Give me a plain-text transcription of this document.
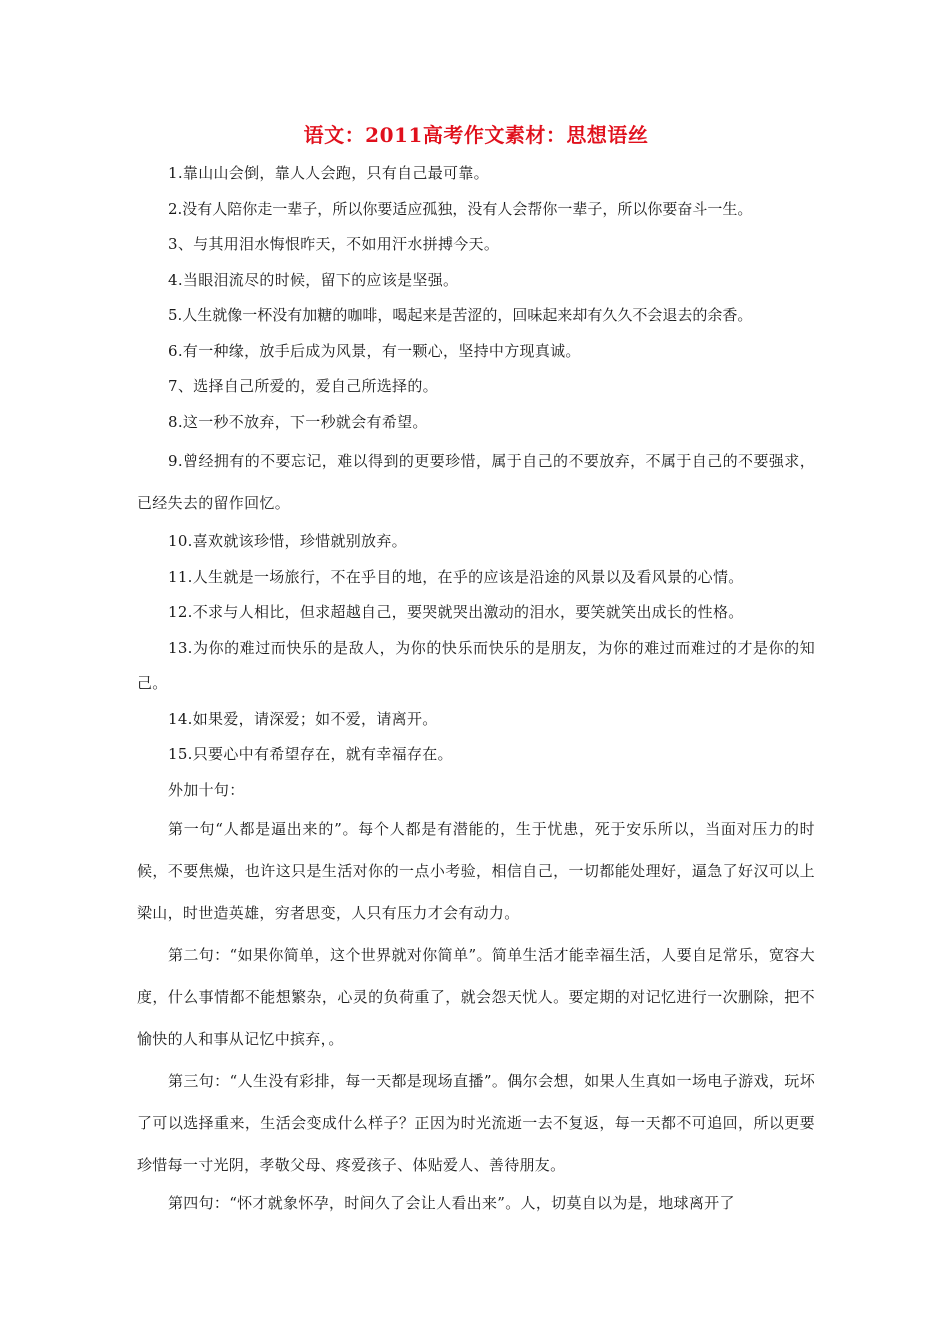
语文：2011高考作文素材：思想语丝

1.靠山山会倒，靠人人会跑，只有自己最可靠。

2.没有人陪你走一辈子，所以你要适应孤独，没有人会帮你一辈子，所以你要奋斗一生。

3、与其用泪水悔恨昨天，不如用汗水拼搏今天。

4.当眼泪流尽的时候，留下的应该是坚强。

5.人生就像一杯没有加糖的咖啡，喝起来是苦涩的，回味起来却有久久不会退去的余香。

6.有一种缘，放手后成为风景，有一颗心，坚持中方现真诚。

7、选择自己所爱的，爱自己所选择的。

8.这一秒不放弃，下一秒就会有希望。

9.曾经拥有的不要忘记，难以得到的更要珍惜，属于自己的不要放弃，不属于自己的不要强求，已经失去的留作回忆。

10.喜欢就该珍惜，珍惜就别放弃。

11.人生就是一场旅行，不在乎目的地，在乎的应该是沿途的风景以及看风景的心情。

12.不求与人相比，但求超越自己，要哭就哭出激动的泪水，要笑就笑出成长的性格。

13.为你的难过而快乐的是敌人，为你的快乐而快乐的是朋友，为你的难过而难过的才是你的知己。

14.如果爱，请深爱；如不爱，请离开。

15.只要心中有希望存在，就有幸福存在。

外加十句：

第一句“人都是逼出来的”。每个人都是有潜能的，生于忧患，死于安乐所以，当面对压力的时候，不要焦燥，也许这只是生活对你的一点小考验，相信自己，一切都能处理好，逼急了好汉可以上梁山，时世造英雄，穷者思变，人只有压力才会有动力。

第二句：“如果你简单，这个世界就对你简单”。简单生活才能幸福生活，人要自足常乐，宽容大度，什么事情都不能想繁杂，心灵的负荷重了，就会怨天忧人。要定期的对记忆进行一次删除，把不愉快的人和事从记忆中摈弃，。

第三句：“人生没有彩排，每一天都是现场直播”。偶尔会想，如果人生真如一场电子游戏，玩坏了可以选择重来，生活会变成什么样子？正因为时光流逝一去不复返，每一天都不可追回，所以更要珍惜每一寸光阴，孝敬父母、疼爱孩子、体贴爱人、善待朋友。

第四句：“怀才就象怀孕，时间久了会让人看出来”。人，切莫自以为是，地球离开了
